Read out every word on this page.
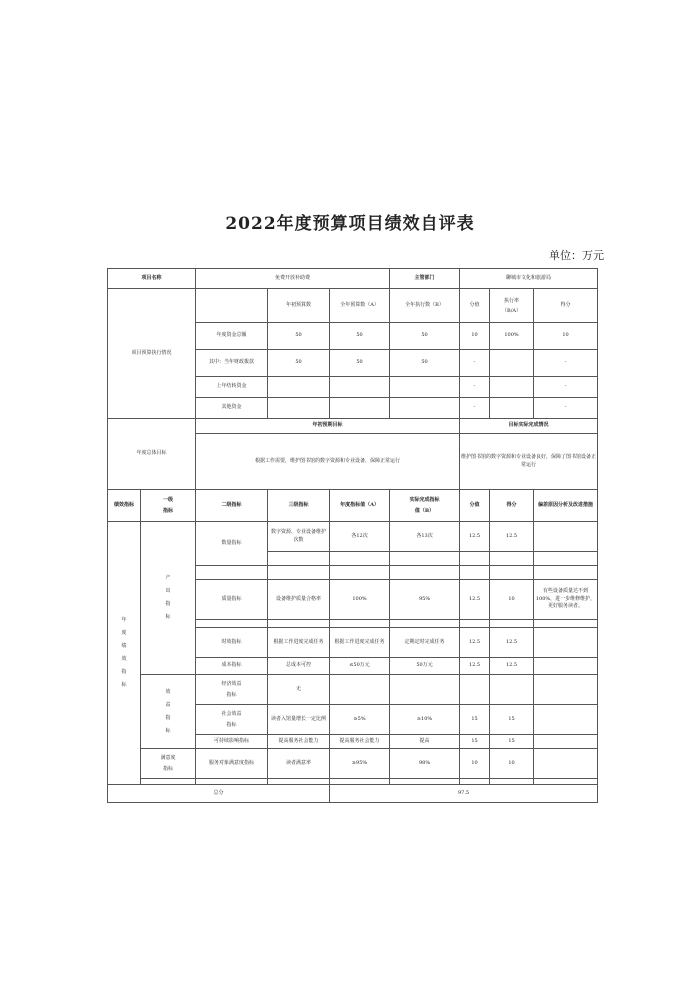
2022年度预算项目绩效自评表
单位：万元
项目名称		免费开放补助费			主管部门	聊城市文化和旅游局		
项目预算执行情况			年初预算数	全年预算数（A）	全年执行数（B）	分值	执行率（B/A）	得分
		年度资金总额	50	50	50	10	100%	10
		其中：当年财政拨款	50	50	50	-		-
		上年结转资金				-		-
		其他资金				-		-
年度总体目标		年初预期目标				目标实际完成情况		
		根据工作需要，维护图书馆的数字资源和专业设备，保障正常运行				维护图书馆的数字资源和专业设备良好，保障了图书馆设备正常运行		
绩效指标	一级指标	二级指标	三级指标	年度指标值（A）	实际完成指标值（B）	分值	得分	偏差原因分析及改进措施
年度绩效指标	产出指标	数量指标	数字资源、专业设备维护次数	各12次	各13次	12.5	12.5	

		质量指标	设备维护质量合格率	100%	95%	12.5	10	有些设备质量达不到100%，进一步维修维护，更好服务读者。

		时效指标	根据工作进度完成任务	根据工作进度完成任务	定期定时完成任务	12.5	12.5	
		成本指标	总成本可控	≤50万元	50万元	12.5	12.5	
	效益指标	经济效益指标	无					
		社会效益指标	读者入馆量增长一定比例	≥5%	≥10%	15	15	
		可持续影响指标	提高服务社会能力	提高服务社会能力	提高	15	15	
	满意度指标	服务对象满意度指标	读者满意率	≥95%	98%	10	10	

总分				97.5				
